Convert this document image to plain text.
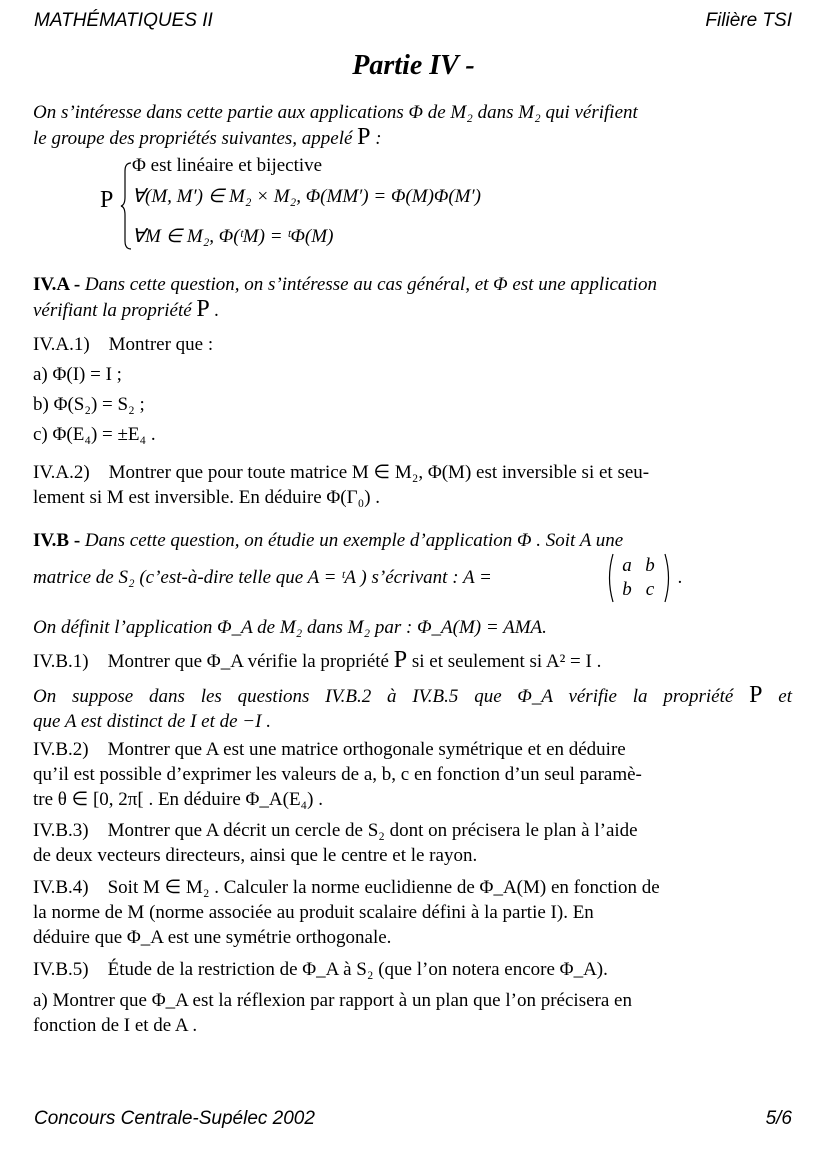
MATHÉMATIQUES II	Filière TSI
Partie IV -
On s’intéresse dans cette partie aux applications Φ de M₂ dans M₂ qui vérifient
le groupe des propriétés suivantes, appelé P :
P
Φ est linéaire et bijective
∀(M, M′) ∈ M₂ × M₂, Φ(MM′) = Φ(M)Φ(M′)
∀M ∈ M₂, Φ(ᵗM) = ᵗΦ(M)
IV.A - Dans cette question, on s’intéresse au cas général, et Φ est une application
vérifiant la propriété P .
IV.A.1) Montrer que :
a) Φ(I) = I ;
b) Φ(S₂) = S₂ ;
c) Φ(E₄) = ±E₄ .
IV.A.2) Montrer que pour toute matrice M ∈ M₂, Φ(M) est inversible si et seu-
lement si M est inversible. En déduire Φ(Γ₀) .
IV.B - Dans cette question, on étudie un exemple d’application Φ . Soit A une
matrice de S₂ (c’est-à-dire telle que A = ᵗA ) s’écrivant : A =
a b
b c
.
On définit l’application Φ_A de M₂ dans M₂ par : Φ_A(M) = AMA.
IV.B.1) Montrer que Φ_A vérifie la propriété P si et seulement si A² = I .
On suppose dans les questions IV.B.2 à IV.B.5 que Φ_A vérifie la propriété P et
que A est distinct de I et de −I .
IV.B.2) Montrer que A est une matrice orthogonale symétrique et en déduire
qu’il est possible d’exprimer les valeurs de a, b, c en fonction d’un seul paramè-
tre θ ∈ [0, 2π[ . En déduire Φ_A(E₄) .
IV.B.3) Montrer que A décrit un cercle de S₂ dont on précisera le plan à l’aide
de deux vecteurs directeurs, ainsi que le centre et le rayon.
IV.B.4) Soit M ∈ M₂ . Calculer la norme euclidienne de Φ_A(M) en fonction de
la norme de M (norme associée au produit scalaire défini à la partie I). En
déduire que Φ_A est une symétrie orthogonale.
IV.B.5) Étude de la restriction de Φ_A à S₂ (que l’on notera encore Φ_A).
a) Montrer que Φ_A est la réflexion par rapport à un plan que l’on précisera en
fonction de I et de A .
Concours Centrale-Supélec 2002	5/6
